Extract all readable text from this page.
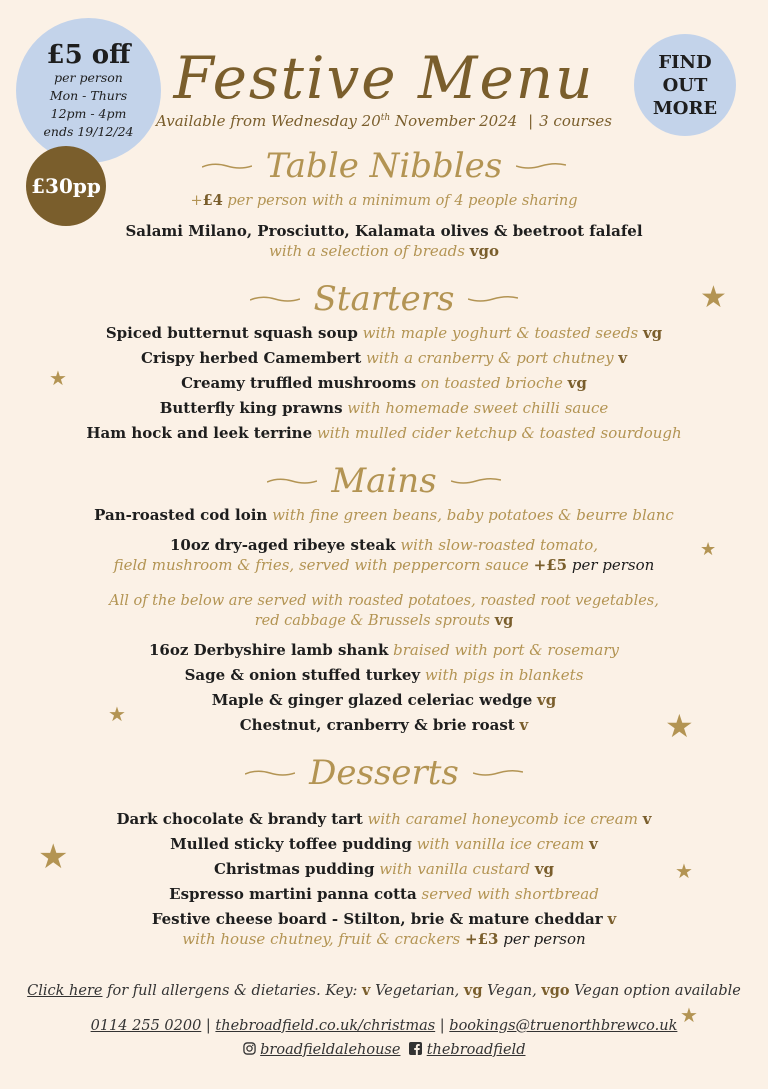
£5 off
per person
Mon - Thurs
12pm - 4pm
ends 19/12/24
£30pp
FIND
OUT
MORE
Festive Menu
Available from Wednesday 20th November 2024 | 3 courses
Table Nibbles
+£4 per person with a minimum of 4 people sharing
Salami Milano, Prosciutto, Kalamata olives & beetroot falafel
with a selection of breads vgo
Starters
Spiced butternut squash soup with maple yoghurt & toasted seeds vg
Crispy herbed Camembert with a cranberry & port chutney v
Creamy truffled mushrooms on toasted brioche vg
Butterfly king prawns with homemade sweet chilli sauce
Ham hock and leek terrine with mulled cider ketchup & toasted sourdough
Mains
Pan-roasted cod loin with fine green beans, baby potatoes & beurre blanc
10oz dry-aged ribeye steak with slow-roasted tomato,
field mushroom & fries, served with peppercorn sauce +£5 per person
All of the below are served with roasted potatoes, roasted root vegetables,
red cabbage & Brussels sprouts vg
16oz Derbyshire lamb shank braised with port & rosemary
Sage & onion stuffed turkey with pigs in blankets
Maple & ginger glazed celeriac wedge vg
Chestnut, cranberry & brie roast v
Desserts
Dark chocolate & brandy tart with caramel honeycomb ice cream v
Mulled sticky toffee pudding with vanilla ice cream v
Christmas pudding with vanilla custard vg
Espresso martini panna cotta served with shortbread
Festive cheese board - Stilton, brie & mature cheddar v
with house chutney, fruit & crackers +£3 per person
Click here for full allergens & dietaries. Key: v Vegetarian, vg Vegan, vgo Vegan option available
0114 255 0200 | thebroadfield.co.uk/christmas | bookings@truenorthbrewco.uk
broadfieldalehouse thebroadfield
★
★
★
★	★
★	★
★
